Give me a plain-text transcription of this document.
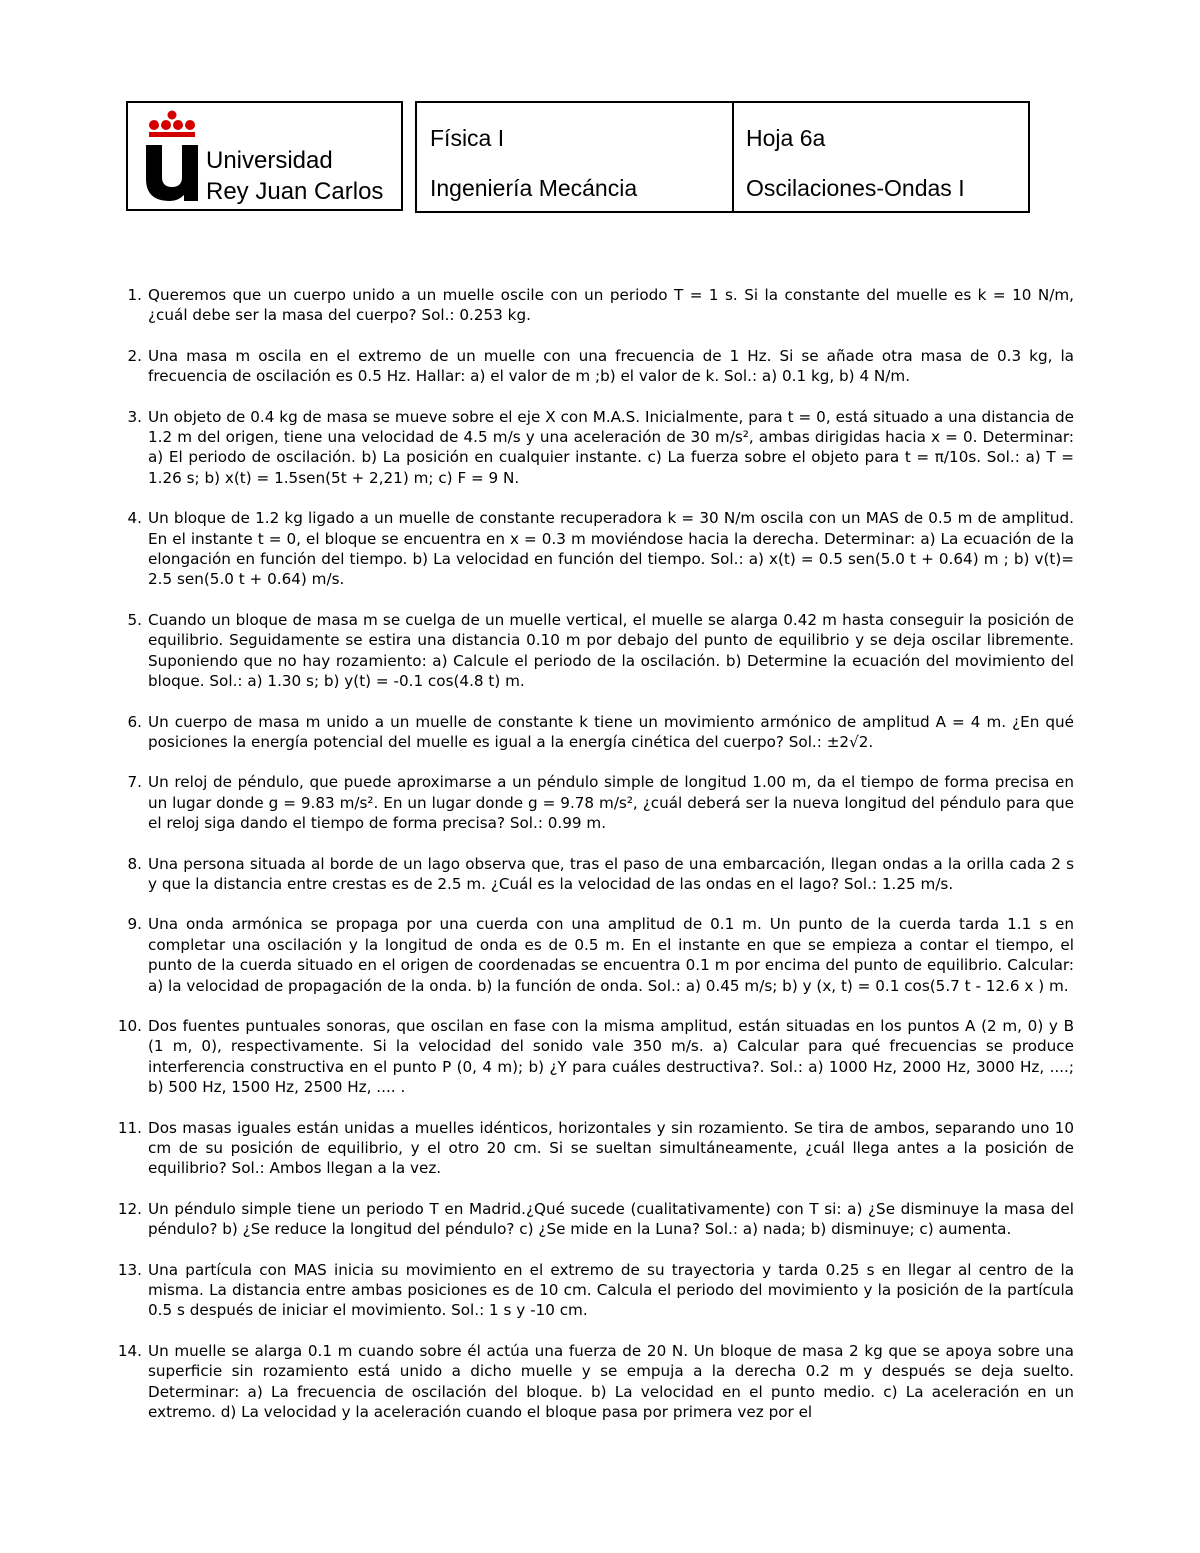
Universidad
Rey Juan Carlos
Física I
Ingeniería Mecáncia
Hoja 6a
Oscilaciones-Ondas I
1. Queremos que un cuerpo unido a un muelle oscile con un periodo T = 1 s. Si la constante del muelle es k = 10 N/m, ¿cuál debe ser la masa del cuerpo? Sol.: 0.253 kg.
2. Una masa m oscila en el extremo de un muelle con una frecuencia de 1 Hz. Si se añade otra masa de 0.3 kg, la frecuencia de oscilación es 0.5 Hz. Hallar: a) el valor de m ;b) el valor de k. Sol.: a) 0.1 kg, b) 4 N/m.
3. Un objeto de 0.4 kg de masa se mueve sobre el eje X con M.A.S. Inicialmente, para t = 0, está situado a una distancia de 1.2 m del origen, tiene una velocidad de 4.5 m/s y una aceleración de 30 m/s², ambas dirigidas hacia x = 0. Determinar: a) El periodo de oscilación. b) La posición en cualquier instante. c) La fuerza sobre el objeto para t = π/10s. Sol.: a) T = 1.26 s; b) x(t) = 1.5sen(5t + 2,21) m; c) F = 9 N.
4. Un bloque de 1.2 kg ligado a un muelle de constante recuperadora k = 30 N/m oscila con un MAS de 0.5 m de amplitud. En el instante t = 0, el bloque se encuentra en x = 0.3 m moviéndose hacia la derecha. Determinar: a) La ecuación de la elongación en función del tiempo. b) La velocidad en función del tiempo. Sol.: a) x(t) = 0.5 sen(5.0 t + 0.64) m ; b) v(t)= 2.5 sen(5.0 t + 0.64) m/s.
5. Cuando un bloque de masa m se cuelga de un muelle vertical, el muelle se alarga 0.42 m hasta conseguir la posición de equilibrio. Seguidamente se estira una distancia 0.10 m por debajo del punto de equilibrio y se deja oscilar libremente. Suponiendo que no hay rozamiento: a) Calcule el periodo de la oscilación. b) Determine la ecuación del movimiento del bloque. Sol.: a) 1.30 s; b) y(t) = -0.1 cos(4.8 t) m.
6. Un cuerpo de masa m unido a un muelle de constante k tiene un movimiento armónico de amplitud A = 4 m. ¿En qué posiciones la energía potencial del muelle es igual a la energía cinética del cuerpo? Sol.: ±2√2.
7. Un reloj de péndulo, que puede aproximarse a un péndulo simple de longitud 1.00 m, da el tiempo de forma precisa en un lugar donde g = 9.83 m/s². En un lugar donde g = 9.78 m/s², ¿cuál deberá ser la nueva longitud del péndulo para que el reloj siga dando el tiempo de forma precisa? Sol.: 0.99 m.
8. Una persona situada al borde de un lago observa que, tras el paso de una embarcación, llegan ondas a la orilla cada 2 s y que la distancia entre crestas es de 2.5 m. ¿Cuál es la velocidad de las ondas en el lago? Sol.: 1.25 m/s.
9. Una onda armónica se propaga por una cuerda con una amplitud de 0.1 m. Un punto de la cuerda tarda 1.1 s en completar una oscilación y la longitud de onda es de 0.5 m. En el instante en que se empieza a contar el tiempo, el punto de la cuerda situado en el origen de coordenadas se encuentra 0.1 m por encima del punto de equilibrio. Calcular: a) la velocidad de propagación de la onda. b) la función de onda. Sol.: a) 0.45 m/s; b) y (x, t) = 0.1 cos(5.7 t - 12.6 x ) m.
10. Dos fuentes puntuales sonoras, que oscilan en fase con la misma amplitud, están situadas en los puntos A (2 m, 0) y B (1 m, 0), respectivamente. Si la velocidad del sonido vale 350 m/s. a) Calcular para qué frecuencias se produce interferencia constructiva en el punto P (0, 4 m); b) ¿Y para cuáles destructiva?. Sol.: a) 1000 Hz, 2000 Hz, 3000 Hz, ....; b) 500 Hz, 1500 Hz, 2500 Hz, .... .
11. Dos masas iguales están unidas a muelles idénticos, horizontales y sin rozamiento. Se tira de ambos, separando uno 10 cm de su posición de equilibrio, y el otro 20 cm. Si se sueltan simultáneamente, ¿cuál llega antes a la posición de equilibrio? Sol.: Ambos llegan a la vez.
12. Un péndulo simple tiene un periodo T en Madrid.¿Qué sucede (cualitativamente) con T si: a) ¿Se disminuye la masa del péndulo? b) ¿Se reduce la longitud del péndulo? c) ¿Se mide en la Luna? Sol.: a) nada; b) disminuye; c) aumenta.
13. Una partícula con MAS inicia su movimiento en el extremo de su trayectoria y tarda 0.25 s en llegar al centro de la misma. La distancia entre ambas posiciones es de 10 cm. Calcula el periodo del movimiento y la posición de la partícula 0.5 s después de iniciar el movimiento. Sol.: 1 s y -10 cm.
14. Un muelle se alarga 0.1 m cuando sobre él actúa una fuerza de 20 N. Un bloque de masa 2 kg que se apoya sobre una superficie sin rozamiento está unido a dicho muelle y se empuja a la derecha 0.2 m y después se deja suelto. Determinar: a) La frecuencia de oscilación del bloque. b) La velocidad en el punto medio. c) La aceleración en un extremo. d) La velocidad y la aceleración cuando el bloque pasa por primera vez por el
